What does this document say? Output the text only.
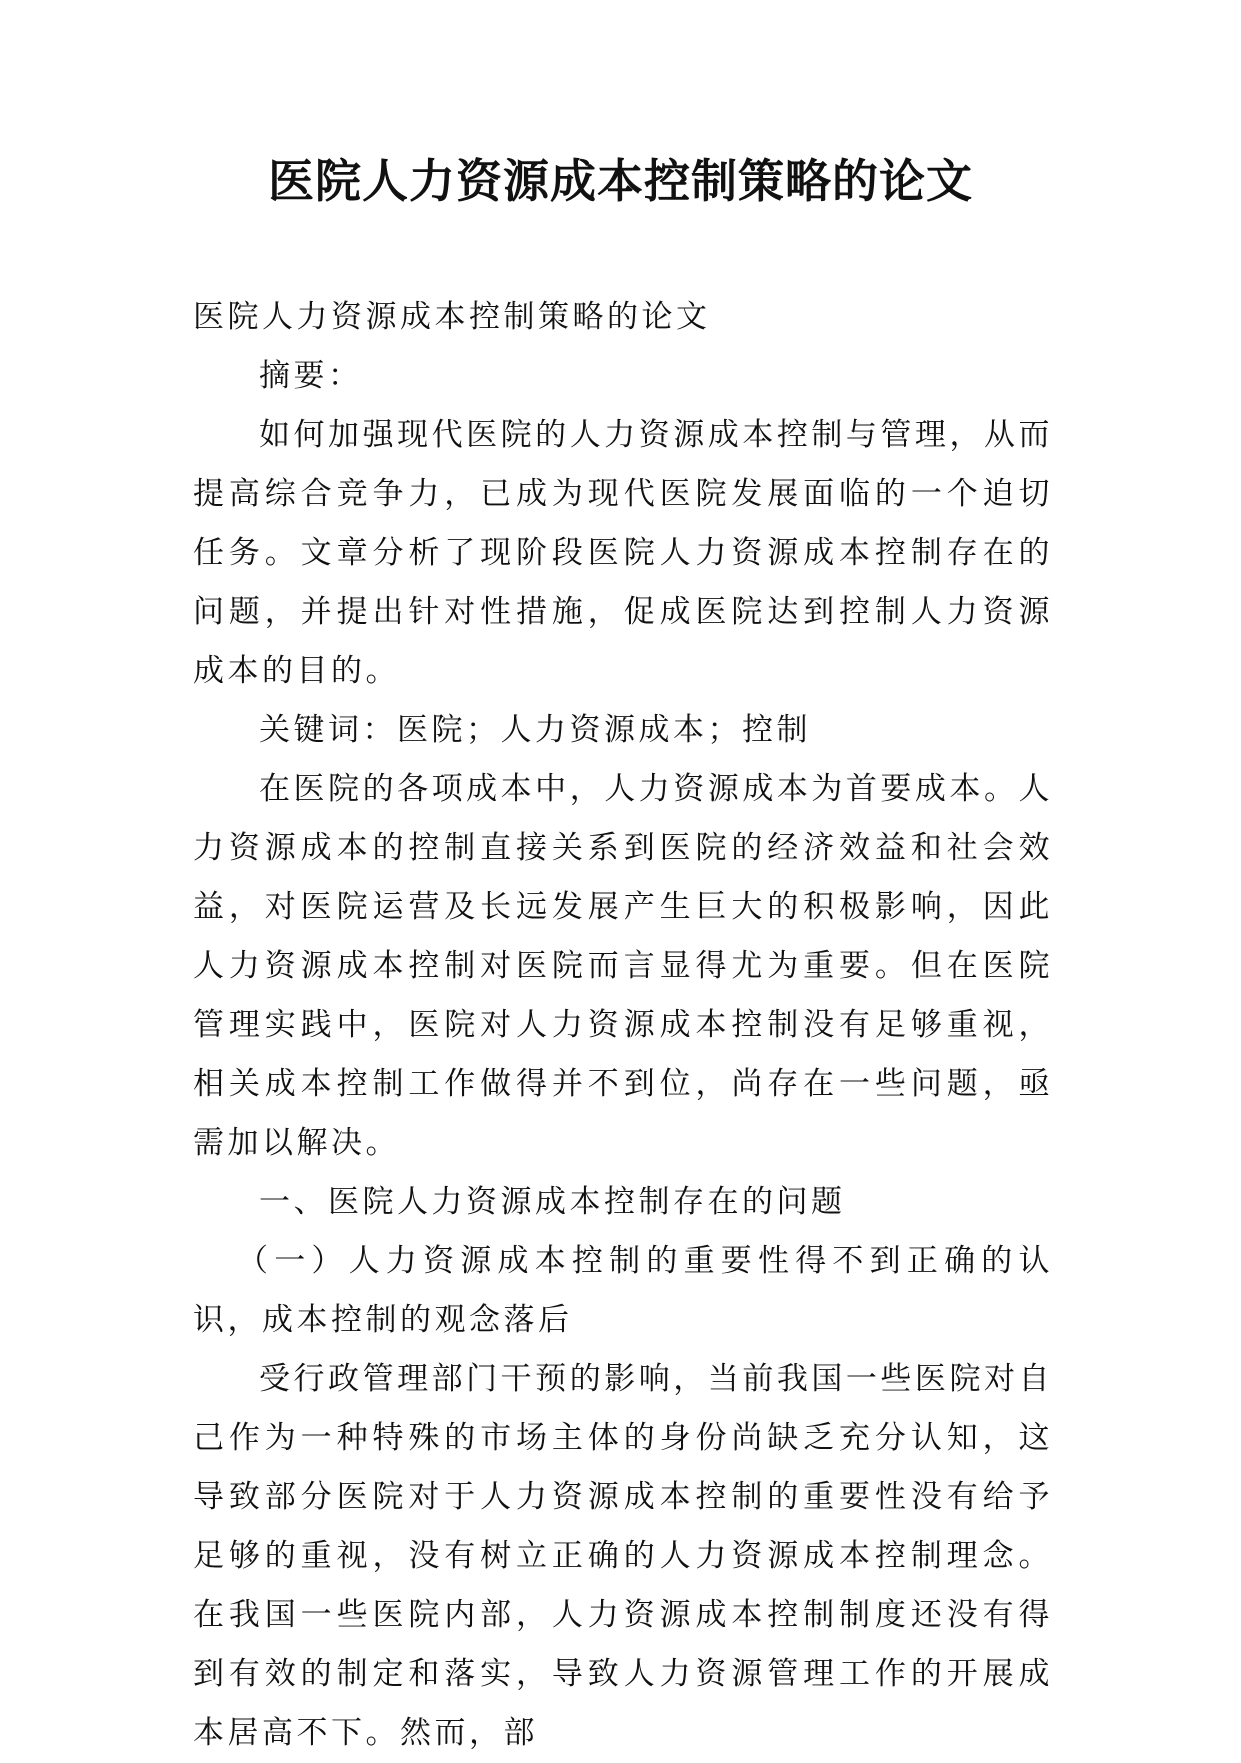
医院人力资源成本控制策略的论文

医院人力资源成本控制策略的论文

摘要：

如何加强现代医院的人力资源成本控制与管理，从而提高综合竞争力，已成为现代医院发展面临的一个迫切任务。文章分析了现阶段医院人力资源成本控制存在的问题，并提出针对性措施，促成医院达到控制人力资源成本的目的。

关键词：医院；人力资源成本；控制

在医院的各项成本中，人力资源成本为首要成本。人力资源成本的控制直接关系到医院的经济效益和社会效益，对医院运营及长远发展产生巨大的积极影响，因此人力资源成本控制对医院而言显得尤为重要。但在医院管理实践中，医院对人力资源成本控制没有足够重视，相关成本控制工作做得并不到位，尚存在一些问题，亟需加以解决。

一、医院人力资源成本控制存在的问题

（一）人力资源成本控制的重要性得不到正确的认识，成本控制的观念落后

受行政管理部门干预的影响，当前我国一些医院对自己作为一种特殊的市场主体的身份尚缺乏充分认知，这导致部分医院对于人力资源成本控制的重要性没有给予足够的重视，没有树立正确的人力资源成本控制理念。在我国一些医院内部，人力资源成本控制制度还没有得到有效的制定和落实，导致人力资源管理工作的开展成本居高不下。然而，部
